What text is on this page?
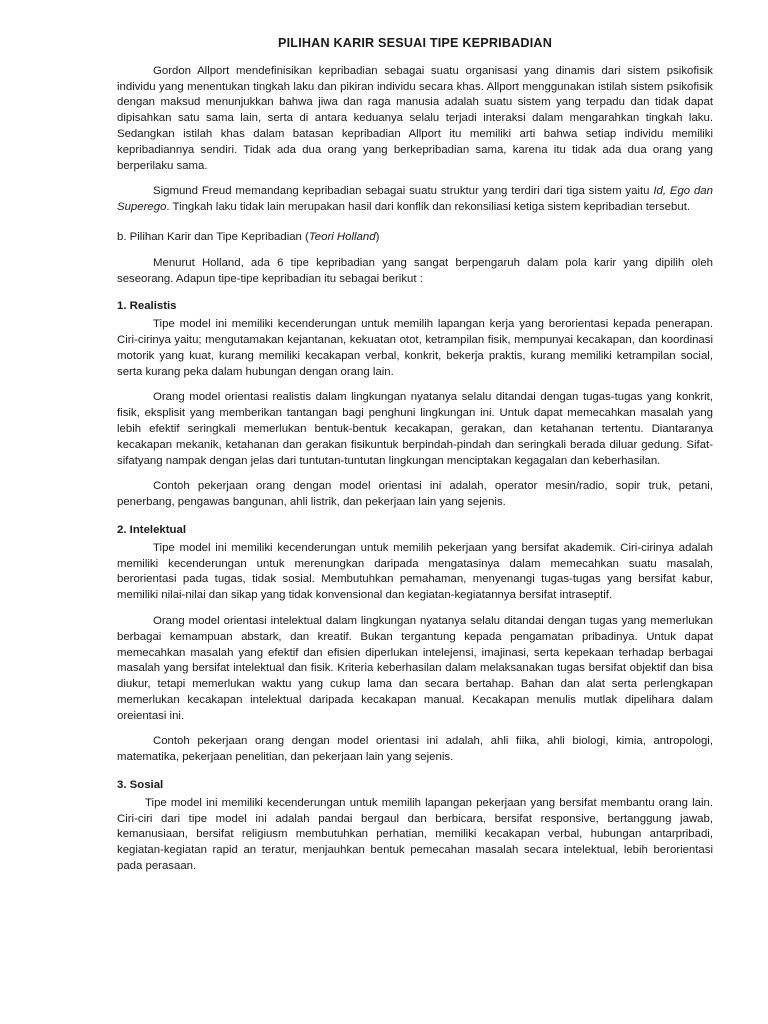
PILIHAN KARIR SESUAI TIPE KEPRIBADIAN

Gordon Allport mendefinisikan kepribadian sebagai suatu organisasi yang dinamis dari sistem psikofisik individu yang menentukan tingkah laku dan pikiran individu secara khas. Allport menggunakan istilah sistem psikofisik dengan maksud menunjukkan bahwa jiwa dan raga manusia adalah suatu sistem yang terpadu dan tidak dapat dipisahkan satu sama lain, serta di antara keduanya selalu terjadi interaksi dalam mengarahkan tingkah laku. Sedangkan istilah khas dalam batasan kepribadian Allport itu memiliki arti bahwa setiap individu memiliki kepribadiannya sendiri. Tidak ada dua orang yang berkepribadian sama, karena itu tidak ada dua orang yang berperilaku sama.

Sigmund Freud memandang kepribadian sebagai suatu struktur yang terdiri dari tiga sistem yaitu Id, Ego dan Superego. Tingkah laku tidak lain merupakan hasil dari konflik dan rekonsiliasi ketiga sistem kepribadian tersebut.

b. Pilihan Karir dan Tipe Kepribadian (Teori Holland)

Menurut Holland, ada 6 tipe kepribadian yang sangat berpengaruh dalam pola karir yang dipilih oleh seseorang. Adapun tipe-tipe kepribadian itu sebagai berikut :

1. Realistis

Tipe model ini memiliki kecenderungan untuk memilih lapangan kerja yang berorientasi kepada penerapan. Ciri-cirinya yaitu; mengutamakan kejantanan, kekuatan otot, ketrampilan fisik, mempunyai kecakapan, dan koordinasi motorik yang kuat, kurang memiliki kecakapan verbal, konkrit, bekerja praktis, kurang memiliki ketrampilan social, serta kurang peka dalam hubungan dengan orang lain.

Orang model orientasi realistis dalam lingkungan nyatanya selalu ditandai dengan tugas-tugas yang konkrit, fisik, eksplisit yang memberikan tantangan bagi penghuni lingkungan ini. Untuk dapat memecahkan masalah yang lebih efektif seringkali memerlukan bentuk-bentuk kecakapan, gerakan, dan ketahanan tertentu. Diantaranya kecakapan mekanik, ketahanan dan gerakan fisikuntuk berpindah-pindah dan seringkali berada diluar gedung. Sifat-sifatyang nampak dengan jelas dari tuntutan-tuntutan lingkungan menciptakan kegagalan dan keberhasilan.

Contoh pekerjaan orang dengan model orientasi ini adalah, operator mesin/radio, sopir truk, petani, penerbang, pengawas bangunan, ahli listrik, dan pekerjaan lain yang sejenis.

2. Intelektual

Tipe model ini memiliki kecenderungan untuk memilih pekerjaan yang bersifat akademik. Ciri-cirinya adalah memiliki kecenderungan untuk merenungkan daripada mengatasinya dalam memecahkan suatu masalah, berorientasi pada tugas, tidak sosial. Membutuhkan pemahaman, menyenangi tugas-tugas yang bersifat kabur, memiliki nilai-nilai dan sikap yang tidak konvensional dan kegiatan-kegiatannya bersifat intraseptif.

Orang model orientasi intelektual dalam lingkungan nyatanya selalu ditandai dengan tugas yang memerlukan berbagai kemampuan abstark, dan kreatif. Bukan tergantung kepada pengamatan pribadinya. Untuk dapat memecahkan masalah yang efektif dan efisien diperlukan intelejensi, imajinasi, serta kepekaan terhadap berbagai masalah yang bersifat intelektual dan fisik. Kriteria keberhasilan dalam melaksanakan tugas bersifat objektif dan bisa diukur, tetapi memerlukan waktu yang cukup lama dan secara bertahap. Bahan dan alat serta perlengkapan memerlukan kecakapan intelektual daripada kecakapan manual. Kecakapan menulis mutlak dipelihara dalam oreientasi ini.

Contoh pekerjaan orang dengan model orientasi ini adalah, ahli fiika, ahli biologi, kimia, antropologi, matematika, pekerjaan penelitian, dan pekerjaan lain yang sejenis.

3. Sosial

Tipe model ini memiliki kecenderungan untuk memilih lapangan pekerjaan yang bersifat membantu orang lain. Ciri-ciri dari tipe model ini adalah pandai bergaul dan berbicara, bersifat responsive, bertanggung jawab, kemanusiaan, bersifat religiusm membutuhkan perhatian, memiliki kecakapan verbal, hubungan antarpribadi, kegiatan-kegiatan rapid an teratur, menjauhkan bentuk pemecahan masalah secara intelektual, lebih berorientasi pada perasaan.
